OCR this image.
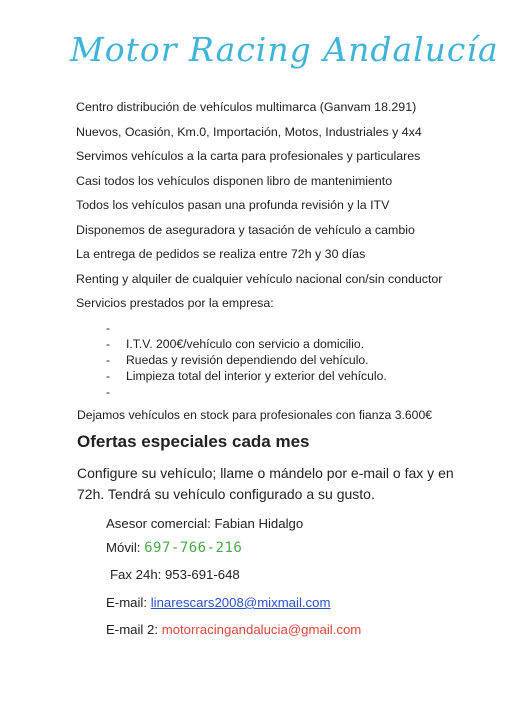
Motor Racing Andalucía
Centro distribución de vehículos multimarca (Ganvam 18.291)
Nuevos, Ocasión, Km.0, Importación, Motos, Industriales y 4x4
Servimos vehículos a la carta para profesionales y particulares
Casi todos los vehículos disponen libro de mantenimiento
Todos los vehículos pasan una profunda revisión y la ITV
Disponemos de aseguradora y tasación de vehículo a cambio
La entrega de pedidos se realiza entre 72h y 30 días
Renting y alquiler de cualquier vehículo nacional con/sin conductor
Servicios prestados por la empresa:
-
- I.T.V. 200€/vehículo con servicio a domicilio.
- Ruedas y revisión dependiendo del vehículo.
- Limpieza total del interior y exterior del vehículo.
-
Dejamos vehículos en stock para profesionales con fianza 3.600€
Ofertas especiales cada mes
Configure su vehículo; llame o mándelo por e-mail o fax y en 72h. Tendrá su vehículo configurado a su gusto.
Asesor comercial: Fabian Hidalgo
Móvil: 697-766-216
Fax 24h: 953-691-648
E-mail: linarescars2008@mixmail.com
E-mail 2: motorracingandalucia@gmail.com
